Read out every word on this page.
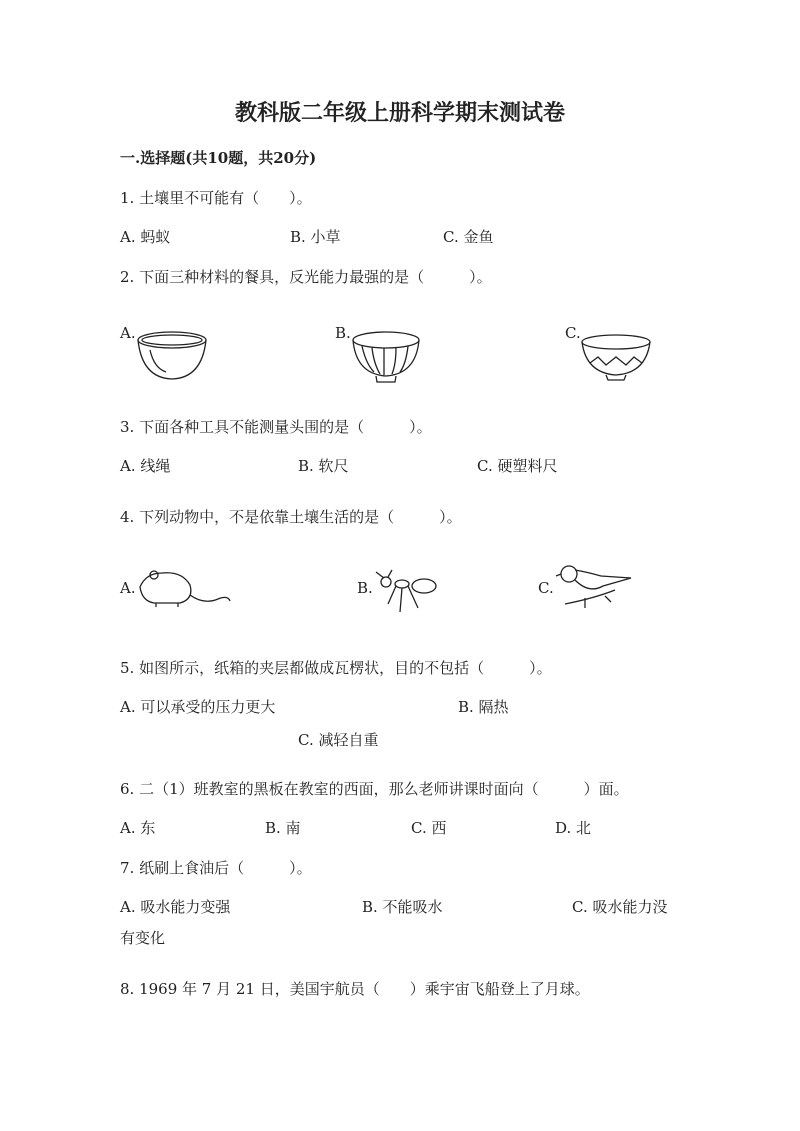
教科版二年级上册科学期末测试卷
一.选择题(共10题，共20分)
1. 土壤里不可能有（　　）。
A. 蚂蚁	B. 小草	C. 金鱼
2. 下面三种材料的餐具，反光能力最强的是（　　　）。
A.	B.	C.
3. 下面各种工具不能测量头围的是（　　　）。
A. 线绳	B. 软尺	C. 硬塑料尺
4. 下列动物中，不是依靠土壤生活的是（　　　）。
A.	B.	C.
5. 如图所示，纸箱的夹层都做成瓦楞状，目的不包括（　　　）。
A. 可以承受的压力更大	B. 隔热
C. 减轻自重
6. 二（1）班教室的黑板在教室的西面，那么老师讲课时面向（　　　）面。
A. 东	B. 南	C. 西	D. 北
7. 纸刷上食油后（　　　）。
A. 吸水能力变强	B. 不能吸水	C. 吸水能力没
有变化
8. 1969 年 7 月 21 日，美国宇航员（　　）乘宇宙飞船登上了月球。
